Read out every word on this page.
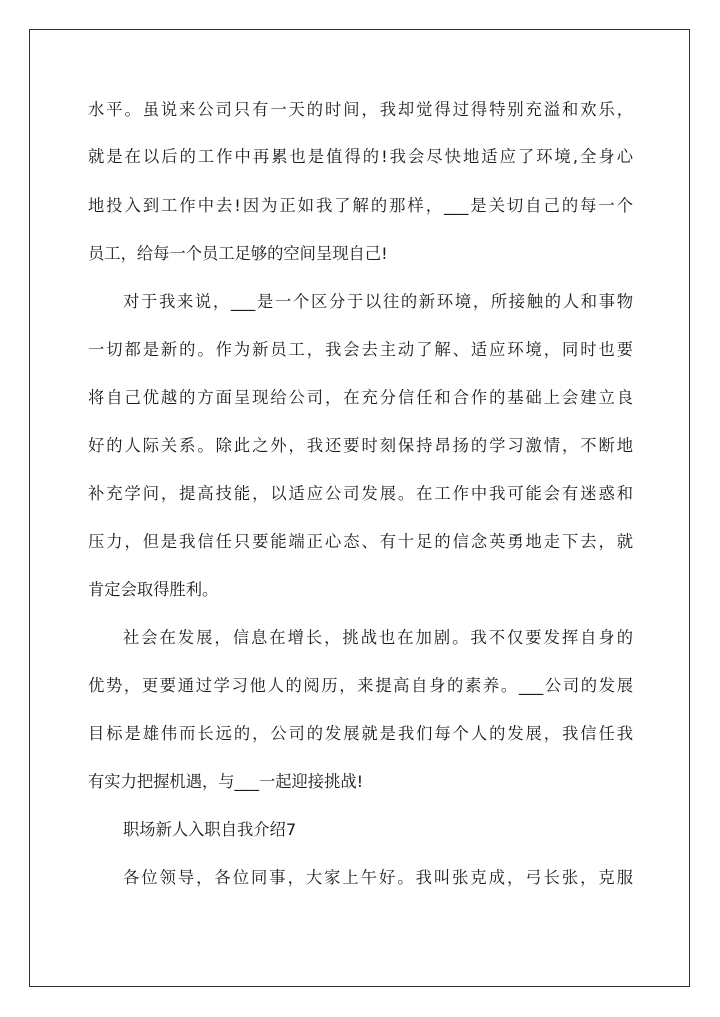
水平。虽说来公司只有一天的时间，我却觉得过得特别充溢和欢乐，
就是在以后的工作中再累也是值得的!我会尽快地适应了环境,全身心
地投入到工作中去!因为正如我了解的那样，___是关切自己的每一个
员工，给每一个员工足够的空间呈现自己!
对于我来说，___是一个区分于以往的新环境，所接触的人和事物
一切都是新的。作为新员工，我会去主动了解、适应环境，同时也要
将自己优越的方面呈现给公司，在充分信任和合作的基础上会建立良
好的人际关系。除此之外，我还要时刻保持昂扬的学习激情，不断地
补充学问，提高技能，以适应公司发展。在工作中我可能会有迷惑和
压力，但是我信任只要能端正心态、有十足的信念英勇地走下去，就
肯定会取得胜利。
社会在发展，信息在增长，挑战也在加剧。我不仅要发挥自身的
优势，更要通过学习他人的阅历，来提高自身的素养。___公司的发展
目标是雄伟而长远的，公司的发展就是我们每个人的发展，我信任我
有实力把握机遇，与___一起迎接挑战!
职场新人入职自我介绍7
各位领导，各位同事，大家上午好。我叫张克成，弓长张，克服
